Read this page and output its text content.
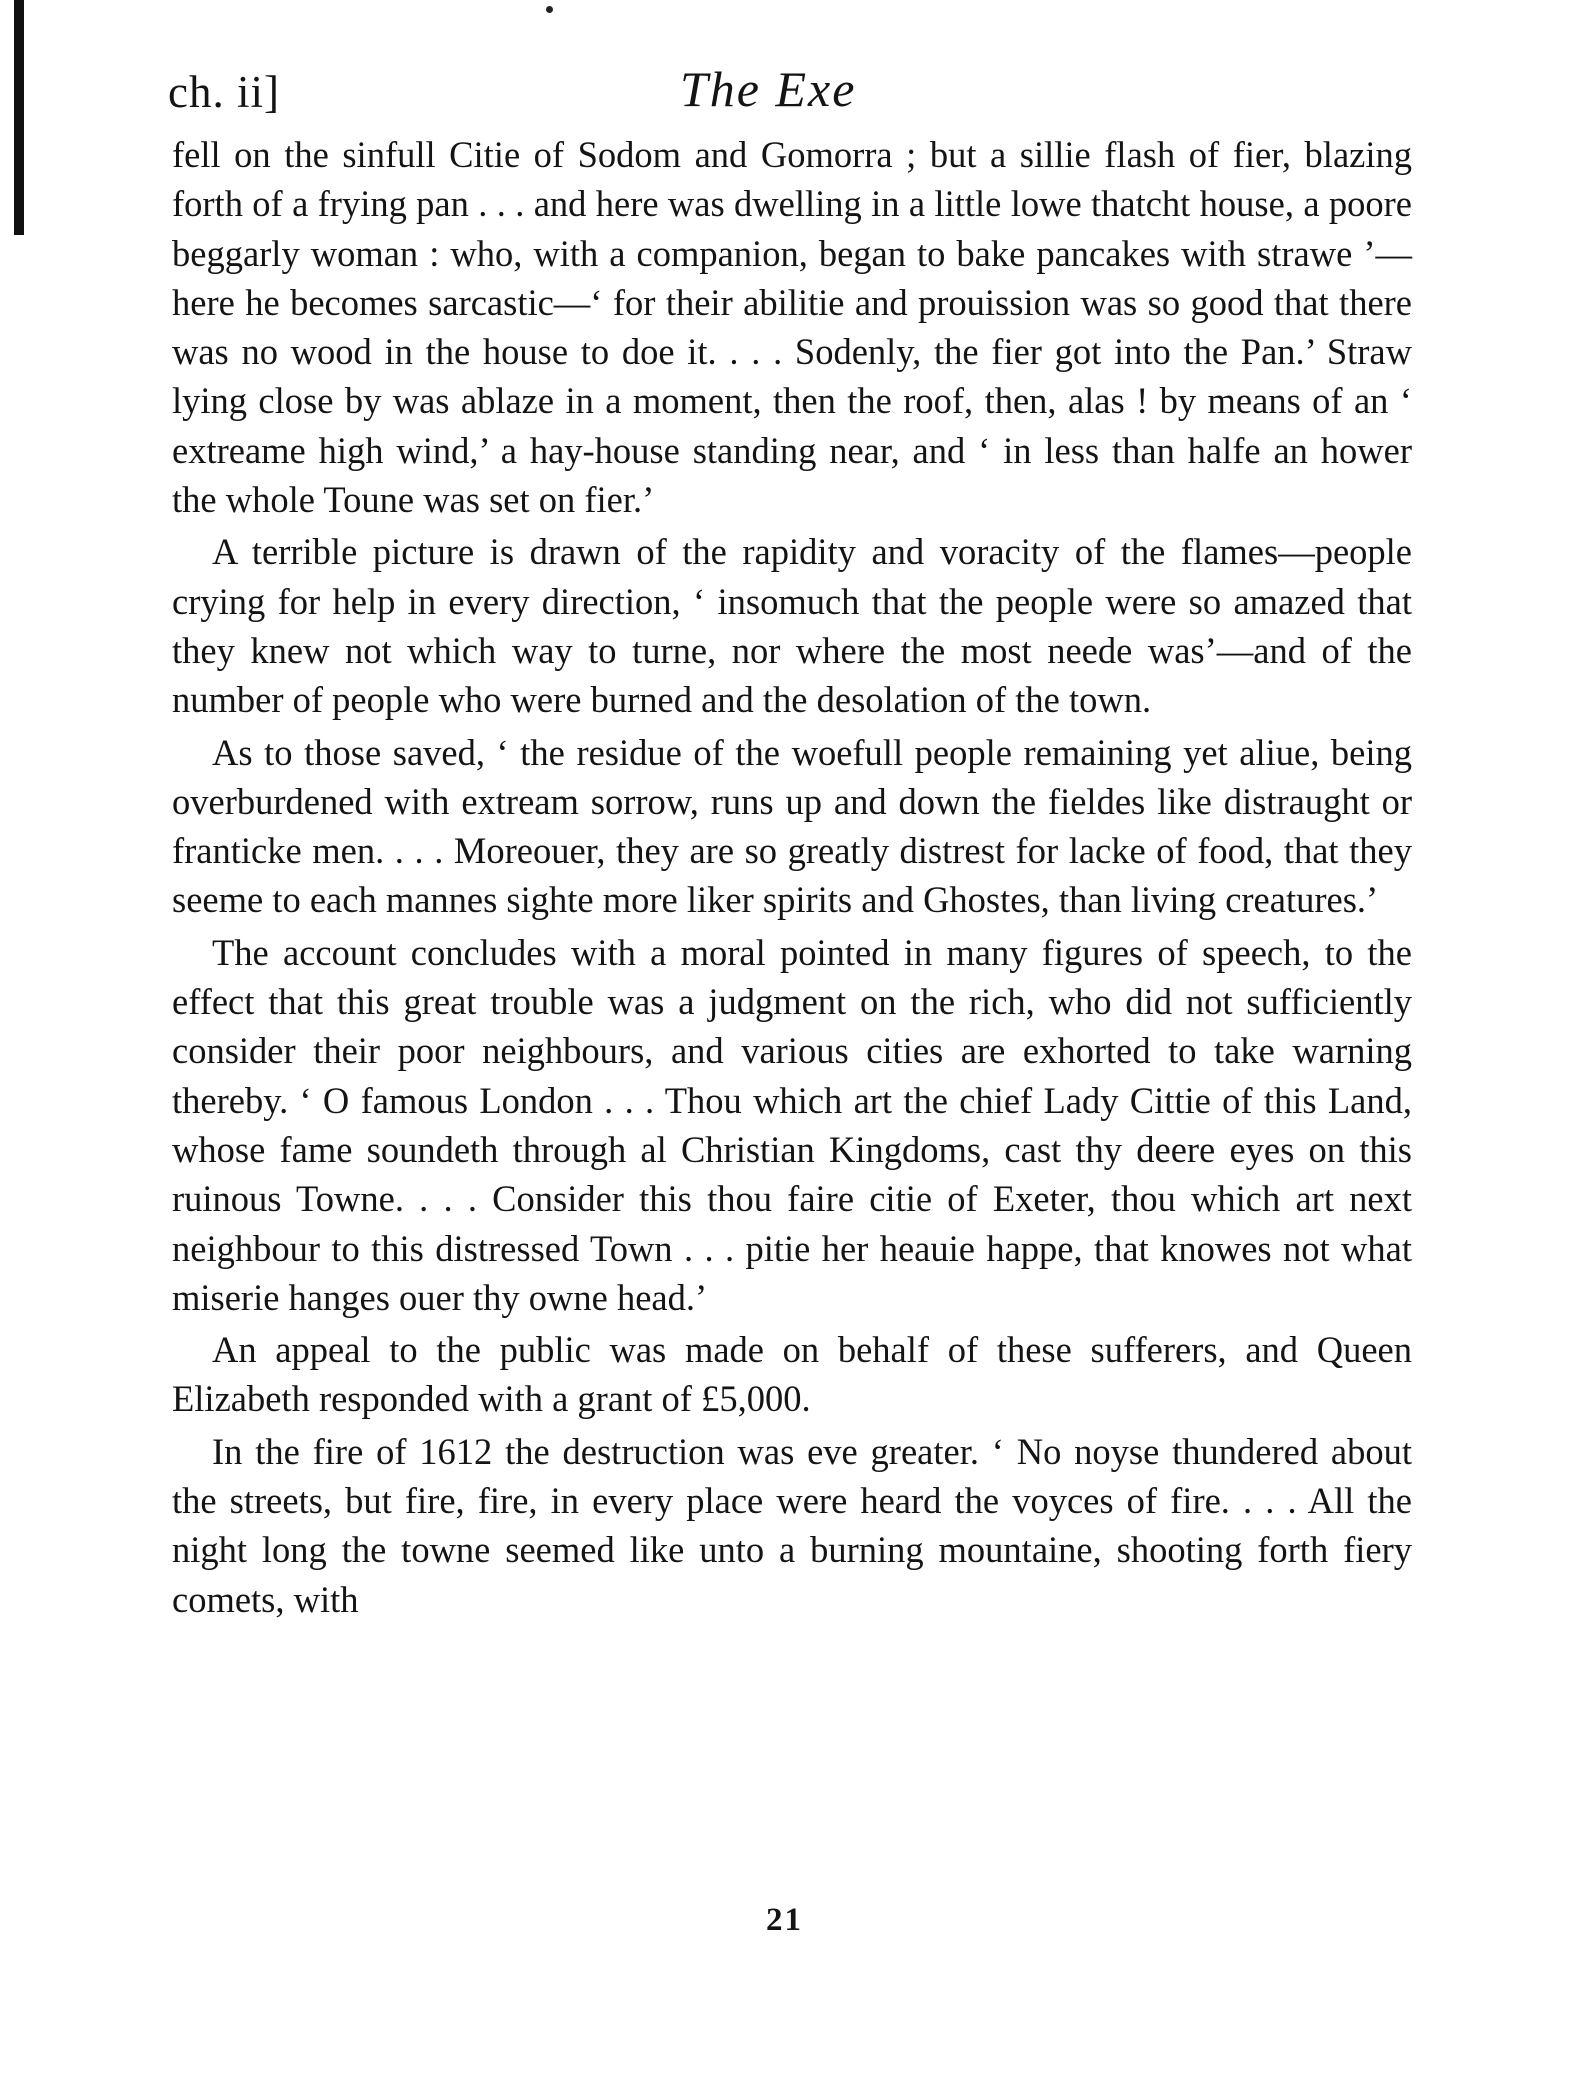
ch. ii]	The Exe

fell on the sinfull Citie of Sodom and Gomorra ; but a sillie flash of fier, blazing forth of a frying pan . . . and here was dwelling in a little lowe thatcht house, a poore beggarly woman : who, with a companion, began to bake pancakes with strawe ’—here he becomes sarcastic—‘ for their abilitie and prouission was so good that there was no wood in the house to doe it. . . . Sodenly, the fier got into the Pan.’ Straw lying close by was ablaze in a moment, then the roof, then, alas ! by means of an ‘ extreame high wind,’ a hay-house standing near, and ‘ in less than halfe an hower the whole Toune was set on fier.’

A terrible picture is drawn of the rapidity and voracity of the flames—people crying for help in every direction, ‘ insomuch that the people were so amazed that they knew not which way to turne, nor where the most neede was’—and of the number of people who were burned and the desolation of the town.

As to those saved, ‘ the residue of the woefull people remaining yet aliue, being overburdened with extream sorrow, runs up and down the fieldes like distraught or franticke men. . . . Moreouer, they are so greatly distrest for lacke of food, that they seeme to each mannes sighte more liker spirits and Ghostes, than living creatures.’

The account concludes with a moral pointed in many figures of speech, to the effect that this great trouble was a judgment on the rich, who did not sufficiently consider their poor neighbours, and various cities are exhorted to take warning thereby. ‘ O famous London . . . Thou which art the chief Lady Cittie of this Land, whose fame soundeth through al Christian Kingdoms, cast thy deere eyes on this ruinous Towne. . . . Consider this thou faire citie of Exeter, thou which art next neighbour to this distressed Town . . . pitie her heauie happe, that knowes not what miserie hanges ouer thy owne head.’

An appeal to the public was made on behalf of these sufferers, and Queen Elizabeth responded with a grant of £5,000.

In the fire of 1612 the destruction was eve greater. ‘ No noyse thundered about the streets, but fire, fire, in every place were heard the voyces of fire. . . . All the night long the towne seemed like unto a burning mountaine, shooting forth fiery comets, with

21
